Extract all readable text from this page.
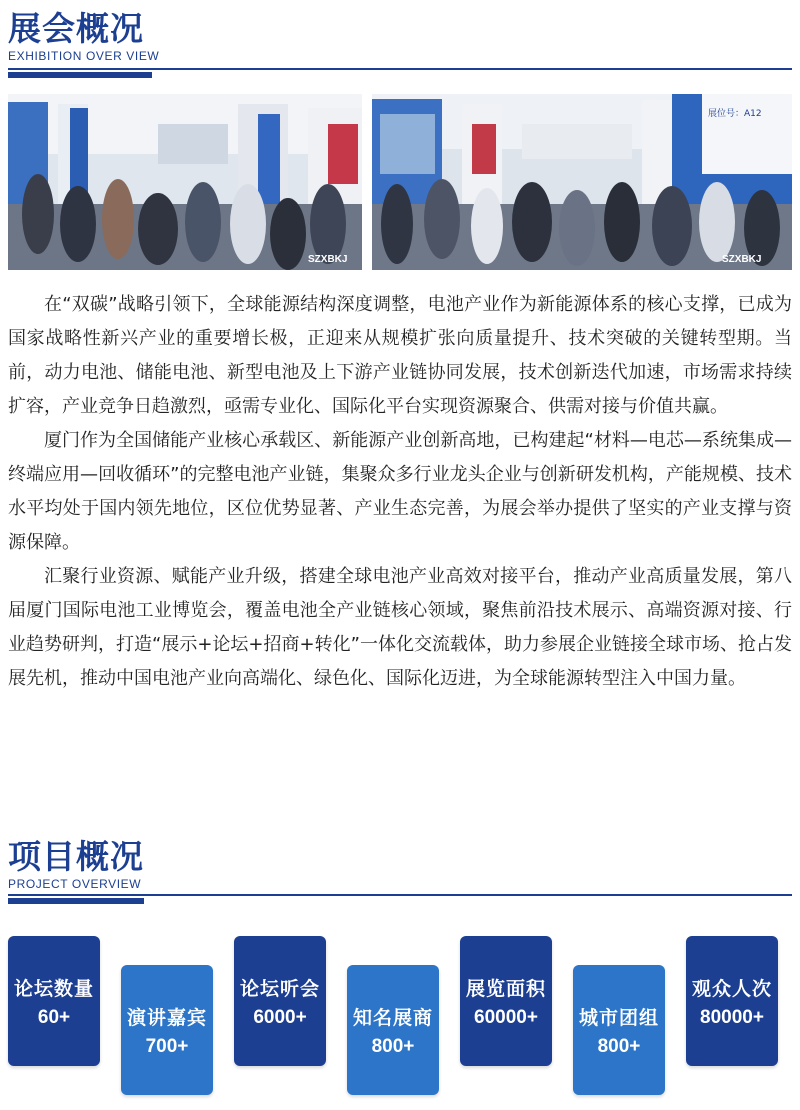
展会概况
EXHIBITION OVER VIEW
SZXBKJ
展位号：A12
SZXBKJ

在“双碳”战略引领下，全球能源结构深度调整，电池产业作为新能源体系的核心支撑，已成为国家战略性新兴产业的重要增长极，正迎来从规模扩张向质量提升、技术突破的关键转型期。当前，动力电池、储能电池、新型电池及上下游产业链协同发展，技术创新迭代加速，市场需求持续扩容，产业竞争日趋激烈，亟需专业化、国际化平台实现资源聚合、供需对接与价值共赢。

厦门作为全国储能产业核心承载区、新能源产业创新高地，已构建起“材料—电芯—系统集成—终端应用—回收循环”的完整电池产业链，集聚众多行业龙头企业与创新研发机构，产能规模、技术水平均处于国内领先地位，区位优势显著、产业生态完善，为展会举办提供了坚实的产业支撑与资源保障。

汇聚行业资源、赋能产业升级，搭建全球电池产业高效对接平台，推动产业高质量发展，第八届厦门国际电池工业博览会，覆盖电池全产业链核心领域，聚焦前沿技术展示、高端资源对接、行业趋势研判，打造“展示+论坛+招商+转化”一体化交流载体，助力参展企业链接全球市场、抢占发展先机，推动中国电池产业向高端化、绿色化、国际化迈进，为全球能源转型注入中国力量。

项目概况
PROJECT OVERVIEW
论坛数量
60+	演讲嘉宾
700+
论坛听会
6000+	知名展商
800+
展览面积
60000+	城市团组
800+
观众人次
80000+
